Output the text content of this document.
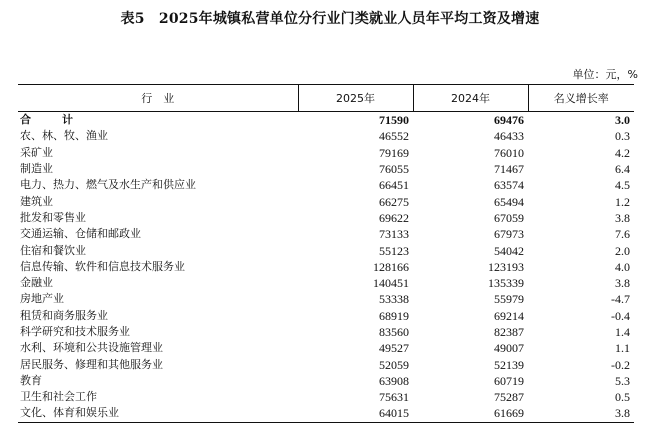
表5　2025年城镇私营单位分行业门类就业人员年平均工资及增速
单位：元，%
行　业	2025年	2024年	名义增长率
合　计	71590	69476	3.0
农、林、牧、渔业	46552	46433	0.3
采矿业	79169	76010	4.2
制造业	76055	71467	6.4
电力、热力、燃气及水生产和供应业	66451	63574	4.5
建筑业	66275	65494	1.2
批发和零售业	69622	67059	3.8
交通运输、仓储和邮政业	73133	67973	7.6
住宿和餐饮业	55123	54042	2.0
信息传输、软件和信息技术服务业	128166	123193	4.0
金融业	140451	135339	3.8
房地产业	53338	55979	-4.7
租赁和商务服务业	68919	69214	-0.4
科学研究和技术服务业	83560	82387	1.4
水利、环境和公共设施管理业	49527	49007	1.1
居民服务、修理和其他服务业	52059	52139	-0.2
教育	63908	60719	5.3
卫生和社会工作	75631	75287	0.5
文化、体育和娱乐业	64015	61669	3.8
